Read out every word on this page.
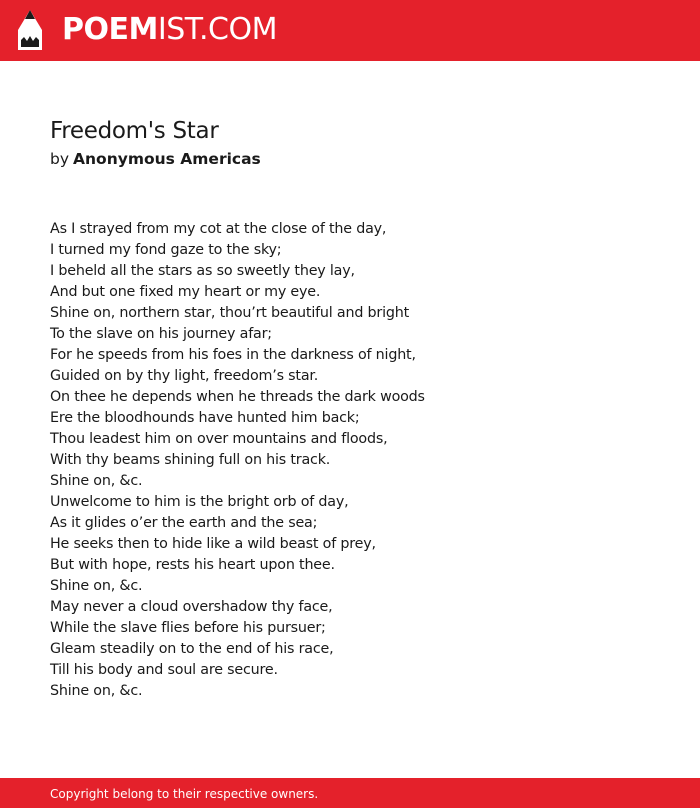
POEMIST.COM
Freedom's Star
by Anonymous Americas
As I strayed from my cot at the close of the day,
I turned my fond gaze to the sky;
I beheld all the stars as so sweetly they lay,
And but one fixed my heart or my eye.
Shine on, northern star, thou’rt beautiful and bright
To the slave on his journey afar;
For he speeds from his foes in the darkness of night,
Guided on by thy light, freedom’s star.
On thee he depends when he threads the dark woods
Ere the bloodhounds have hunted him back;
Thou leadest him on over mountains and floods,
With thy beams shining full on his track.
Shine on, &c.
Unwelcome to him is the bright orb of day,
As it glides o’er the earth and the sea;
He seeks then to hide like a wild beast of prey,
But with hope, rests his heart upon thee.
Shine on, &c.
May never a cloud overshadow thy face,
While the slave flies before his pursuer;
Gleam steadily on to the end of his race,
Till his body and soul are secure.
Shine on, &c.
Copyright belong to their respective owners.
